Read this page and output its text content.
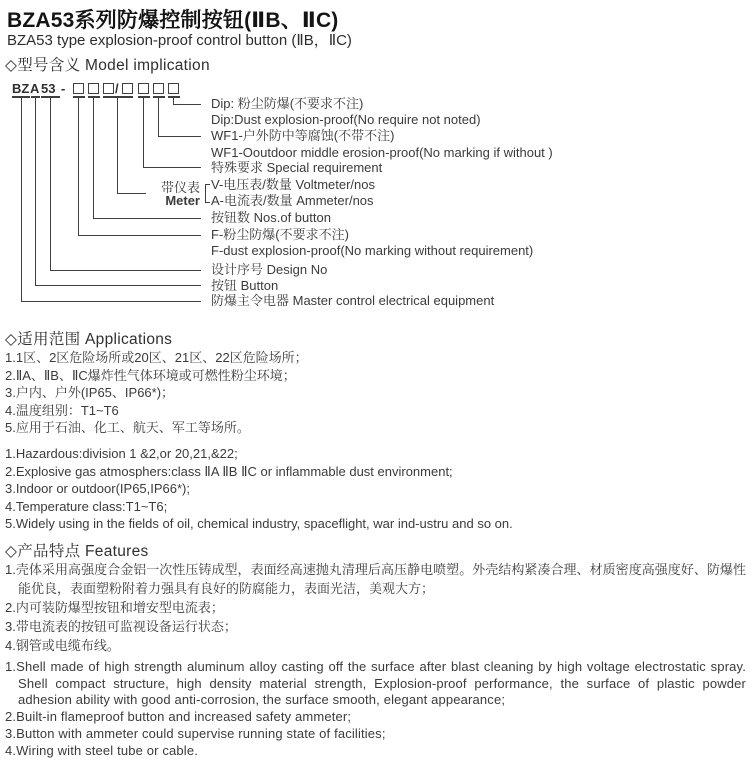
BZA53系列防爆控制按钮(ⅡB、ⅡC)
BZA53 type explosion-proof control button (ⅡB，ⅡC)
◇型号含义 Model implication
BZ A 53 -	/
带仪表
Meter
Dip: 粉尘防爆(不要求不注)
Dip:Dust explosion-proof(No require not noted)
WF1-户外防中等腐蚀(不带不注)
WF1-Ooutdoor middle erosion-proof(No marking if without )
特殊要求 Special requirement
V-电压表/数量 Voltmeter/nos
A-电流表/数量 Ammeter/nos
按钮数 Nos.of button
F-粉尘防爆(不要求不注)
F-dust explosion-proof(No marking without requirement)
设计序号 Design No
按钮 Button
防爆主令电器 Master control electrical equipment
◇适用范围 Applications
1.1区、2区危险场所或20区、21区、22区危险场所；
2.ⅡA、ⅡB、ⅡC爆炸性气体环境或可燃性粉尘环境；
3.户内、户外(IP65、IP66*)；
4.温度组别：T1~T6
5.应用于石油、化工、航天、军工等场所。
1.Hazardous:division 1 &2,or 20,21,&22;
2.Explosive gas atmosphers:class ⅡA ⅡB ⅡC or inflammable dust environment;
3.Indoor or outdoor(IP65,IP66*);
4.Temperature class:T1~T6;
5.Widely using in the fields of oil, chemical industry, spaceflight, war ind-ustru and so on.
◇产品特点 Features
1.壳体采用高强度合金铝一次性压铸成型，表面经高速抛丸清理后高压静电喷塑。外壳结构紧凑合理、材质密度高强度好、防爆性能优良，表面塑粉附着力强具有良好的防腐能力，表面光洁，美观大方；
2.内可装防爆型按钮和增安型电流表；
3.带电流表的按钮可监视设备运行状态；
4.钢管或电缆布线。
1.Shell made of high strength aluminum alloy casting off the surface after blast cleaning by high voltage electrostatic spray. Shell compact structure, high density material strength, Explosion-proof performance, the surface of plastic powder adhesion ability with good anti-corrosion, the surface smooth, elegant appearance;
2.Built-in flameproof button and increased safety ammeter;
3.Button with ammeter could supervise running state of facilities;
4.Wiring with steel tube or cable.
